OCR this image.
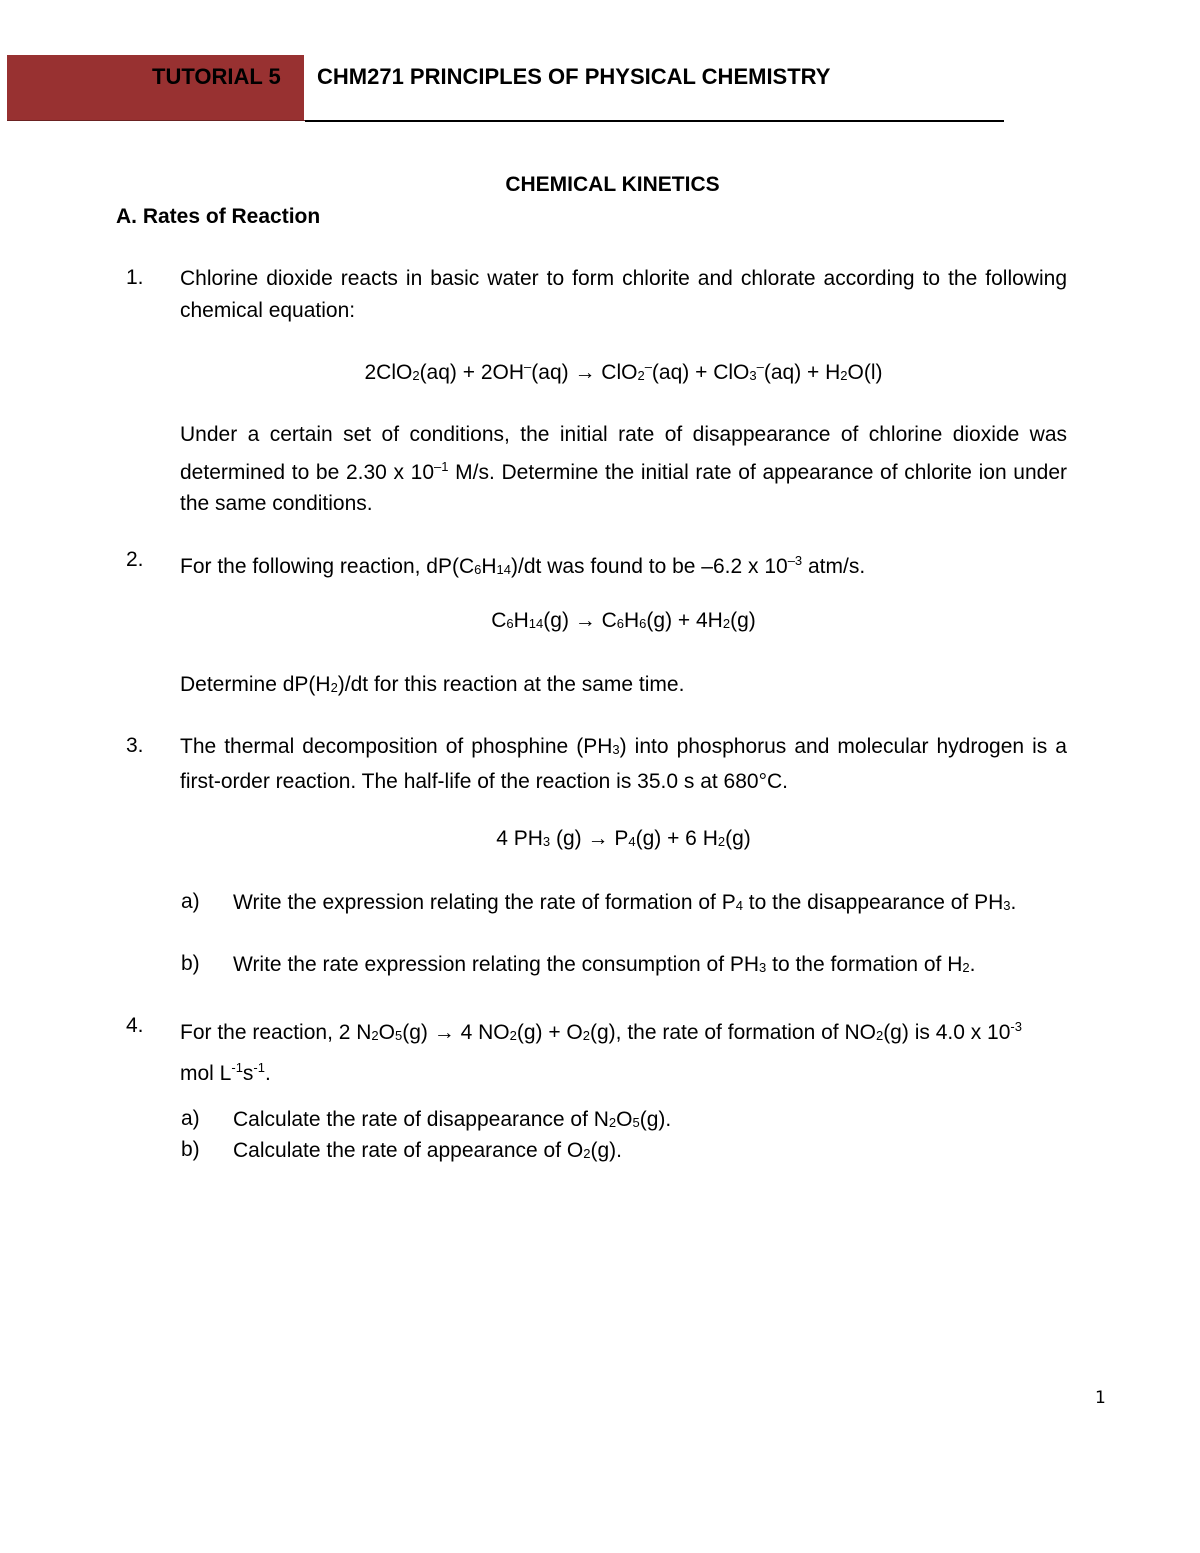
TUTORIAL 5	CHM271 PRINCIPLES OF PHYSICAL CHEMISTRY
CHEMICAL KINETICS
A. Rates of Reaction
1. Chlorine dioxide reacts in basic water to form chlorite and chlorate according to the following chemical equation:
$2ClO_2(aq) + 2OH^-(aq) \to ClO_2^-(aq) + ClO_3^-(aq) + H_2O(l)$
Under a certain set of conditions, the initial rate of disappearance of chlorine dioxide was determined to be 2.30 x $10^{-1}$ M/s. Determine the initial rate of appearance of chlorite ion under the same conditions.
2. For the following reaction, $dP(C_6H_{14})/dt$ was found to be –6.2 x $10^{-3}$ atm/s.
$C_6H_{14}(g) \to C_6H_6(g) + 4H_2(g)$
Determine $dP(H_2)/dt$ for this reaction at the same time.
3. The thermal decomposition of phosphine $(PH_3)$ into phosphorus and molecular hydrogen is a first-order reaction. The half-life of the reaction is 35.0 s at 680°C.
4 $PH_3$ $(g) \to P_4(g) + 6$ $H_2(g)$
a) Write the expression relating the rate of formation of $P_4$ to the disappearance of $PH_3$.
b) Write the rate expression relating the consumption of $PH_3$ to the formation of $H_2$.
4. For the reaction, 2 $N_2O_5(g) \to 4$ $NO_2(g) + O_2(g)$, the rate of formation of $NO_2(g)$ is 4.0 x $10^{-3}$ mol $L^{-1}s^{-1}$.
a) Calculate the rate of disappearance of $N_2O_5(g)$.
b) Calculate the rate of appearance of $O_2(g)$.
1
